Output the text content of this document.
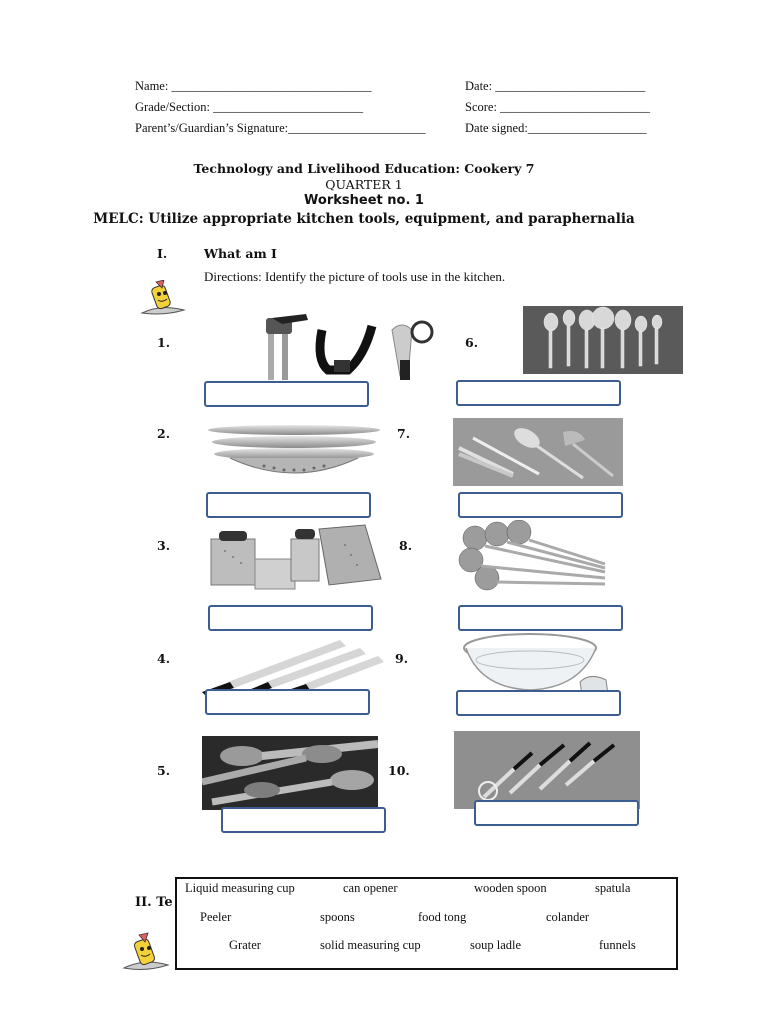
Name: ________________________________	Date: ________________________
Grade/Section: ________________________	Score: ________________________
Parent’s/Guardian’s Signature:______________________	Date signed:___________________
Technology and Livelihood Education: Cookery 7
QUARTER 1
Worksheet no. 1
MELC: Utilize appropriate kitchen tools, equipment, and paraphernalia
I.	What am I
Directions: Identify the picture of tools use in the kitchen.
1.
2.
3.
4.
5.
6.
7.
8.
9.
10.
II. Te
Liquid measuring cup	can opener	wooden spoon	spatula
Peeler	spoons	food tong	colander
Grater	solid measuring cup	soup ladle	funnels
